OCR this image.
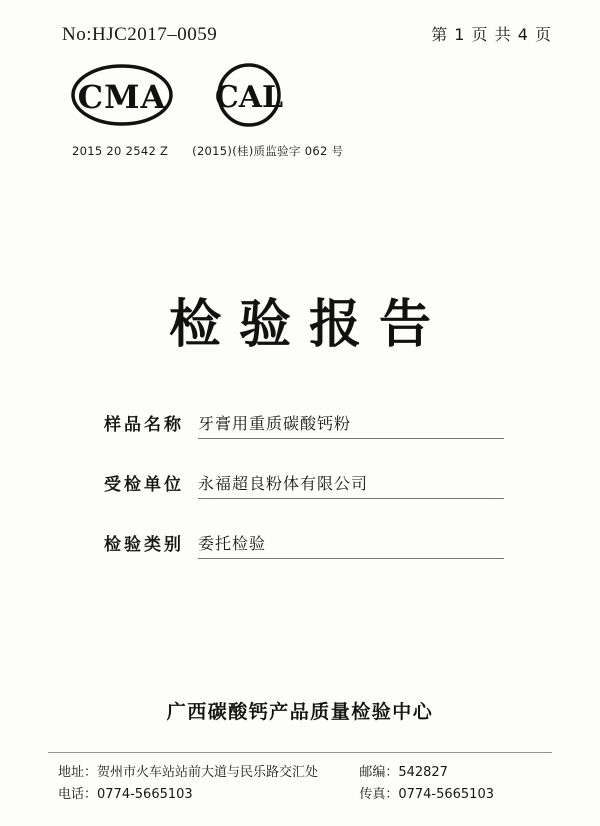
No:HJC2017–0059	第 1 页 共 4 页
CMA CAL
2015 20 2542 Z (2015)(桂)质监验字 062 号
检验报告
样品名称 牙膏用重质碳酸钙粉
受检单位 永福超良粉体有限公司
检验类别 委托检验
广西碳酸钙产品质量检验中心
地址：贺州市火车站站前大道与民乐路交汇处
电话：0774-5665103
邮编：542827
传真：0774-5665103
